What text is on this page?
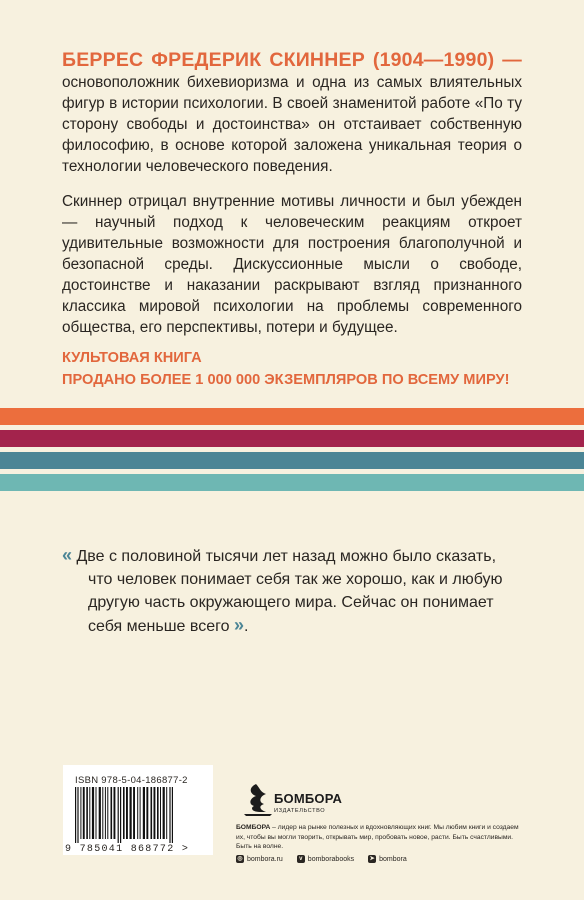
БЕРРЕС ФРЕДЕРИК СКИННЕР (1904—1990) — основоположник бихевиоризма и одна из самых влиятельных фигур в истории психологии. В своей знаменитой работе «По ту сторону свободы и достоинства» он отстаивает собственную философию, в основе которой заложена уникальная теория о технологии человеческого поведения.
Скиннер отрицал внутренние мотивы личности и был убежден — научный подход к человеческим реакциям откроет удивительные возможности для построения благополучной и безопасной среды. Дискуссионные мысли о свободе, достоинстве и наказании раскрывают взгляд признанного классика мировой психологии на проблемы современного общества, его перспективы, потери и будущее.
КУЛЬТОВАЯ КНИГА
ПРОДАНО БОЛЕЕ 1 000 000 ЭКЗЕМПЛЯРОВ ПО ВСЕМУ МИРУ!
« Две с половиной тысячи лет назад можно было сказать,
что человек понимает себя так же хорошо, как и любую
другую часть окружающего мира. Сейчас он понимает
себя меньше всего ».
ISBN 978-5-04-186877-2
9 785041 868772 >
БОМБОРА
ИЗДАТЕЛЬСТВО
БОМБОРА – лидер на рынке полезных и вдохновляющих книг. Мы любим книги и создаем их, чтобы вы могли творить, открывать мир, пробовать новое, расти. Быть счастливыми. Быть на волне.
◎ bombora.ru	v bomborabooks	➤ bombora
